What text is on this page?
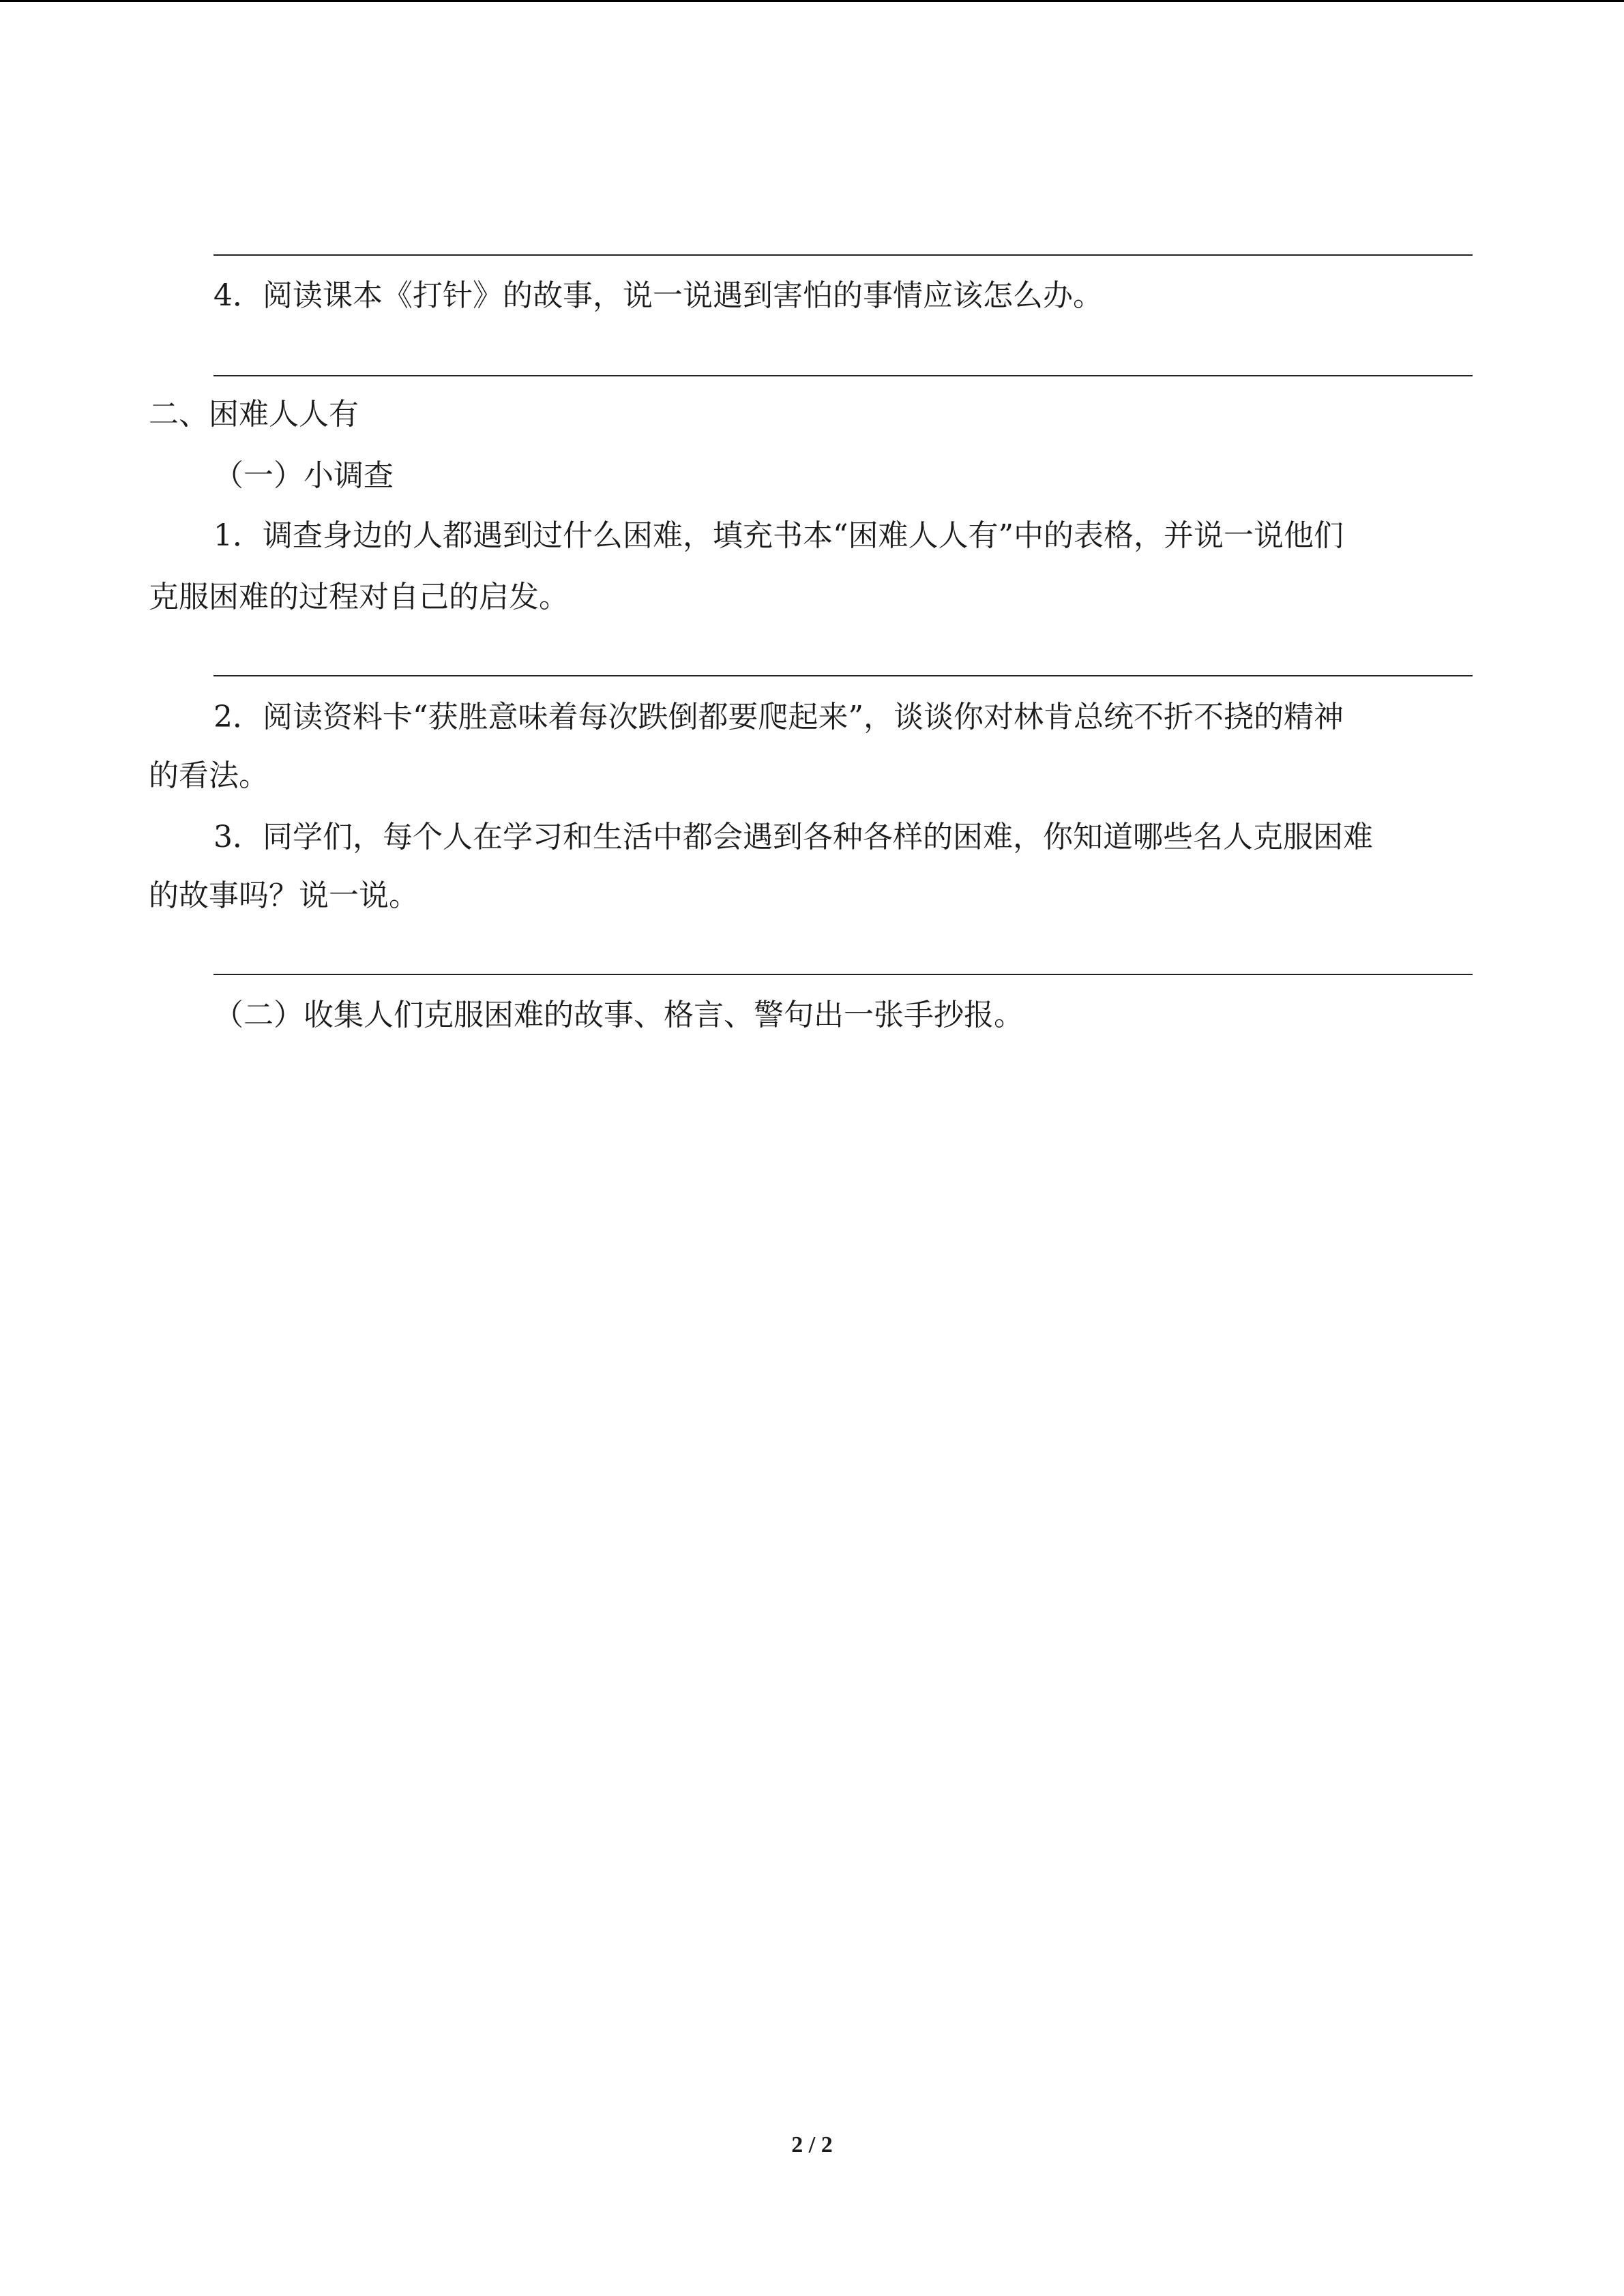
4．阅读课本《打针》的故事，说一说遇到害怕的事情应该怎么办。
二、困难人人有
（一）小调查
1．调查身边的人都遇到过什么困难，填充书本“困难人人有”中的表格，并说一说他们
克服困难的过程对自己的启发。
2．阅读资料卡“获胜意味着每次跌倒都要爬起来”，谈谈你对林肯总统不折不挠的精神
的看法。
3．同学们，每个人在学习和生活中都会遇到各种各样的困难，你知道哪些名人克服困难
的故事吗？说一说。
（二）收集人们克服困难的故事、格言、警句出一张手抄报。
2 / 2
